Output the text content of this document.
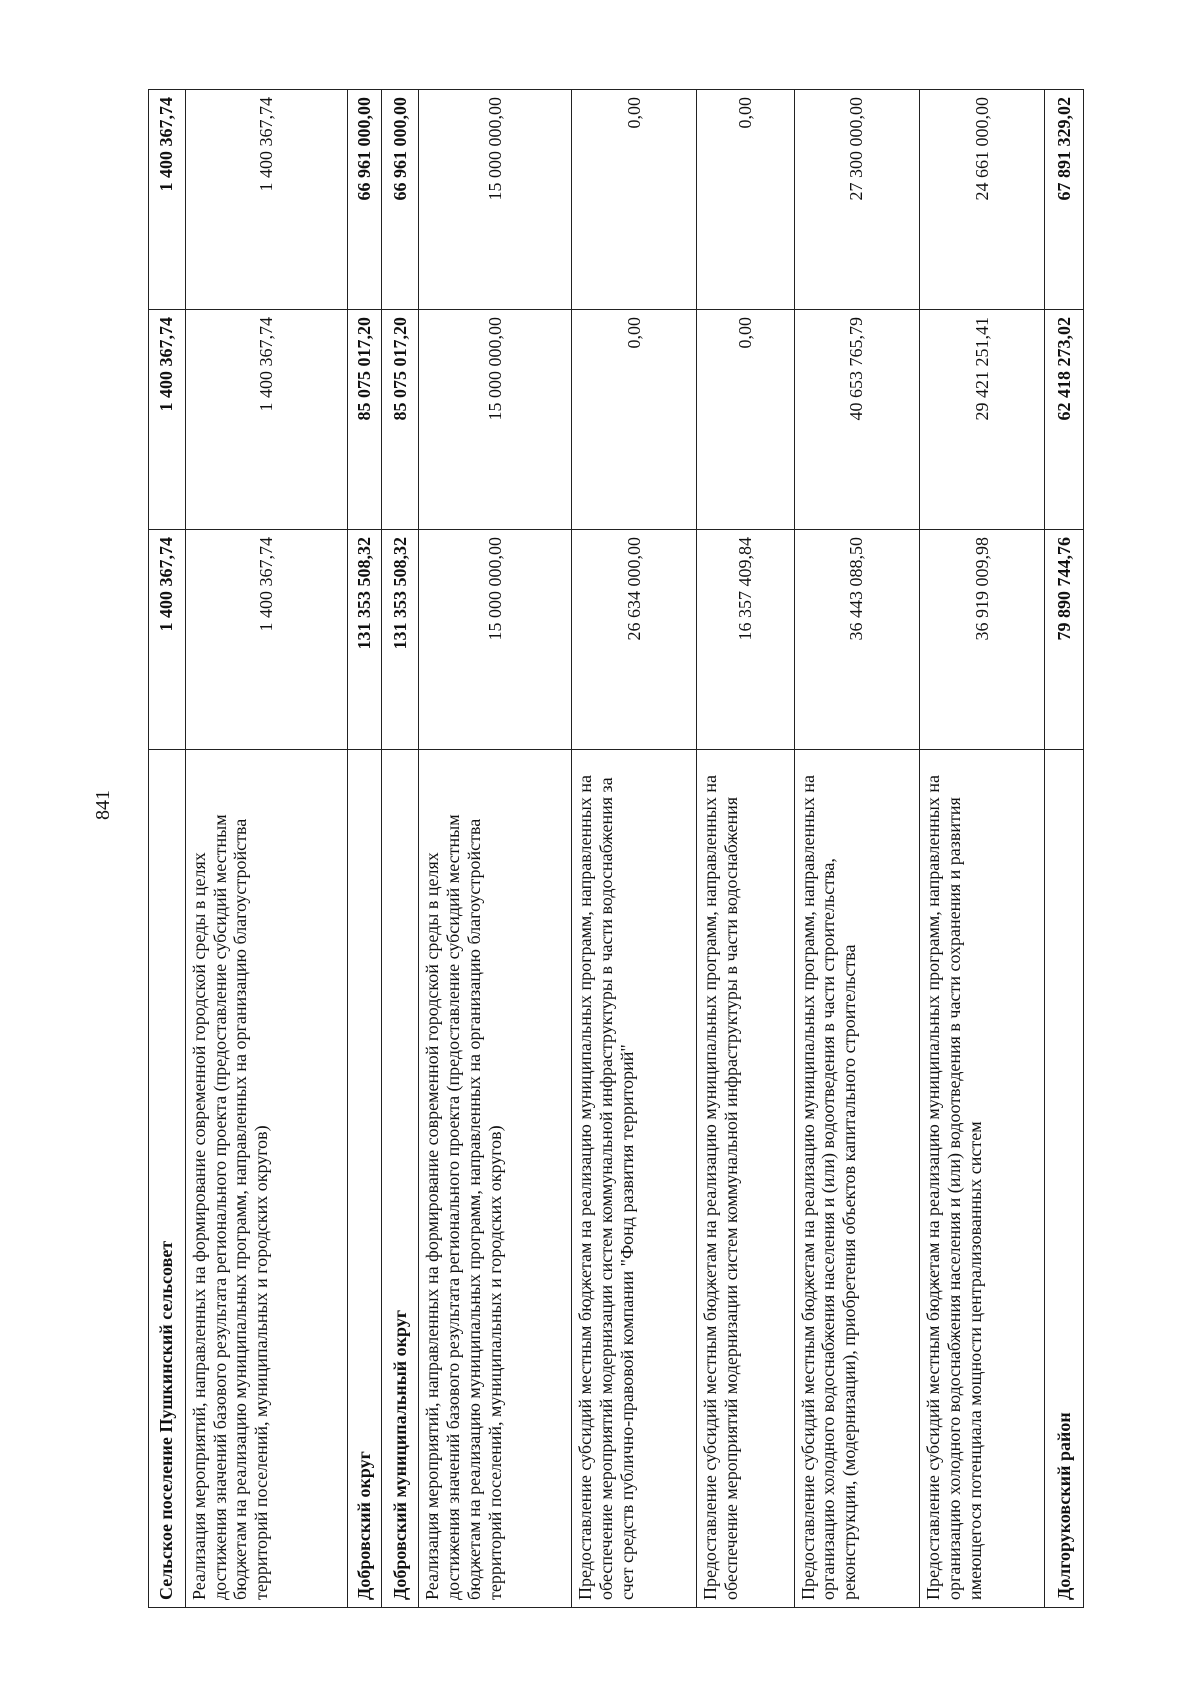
841
Сельское поселение Пушкинский сельсовет	1 400 367,74	1 400 367,74	1 400 367,74
Реализация мероприятий, направленных на формирование современной городской среды в целях достижения значений базового результата регионального проекта (предоставление субсидий местным бюджетам на реализацию муниципальных программ, направленных на организацию благоустройства территорий поселений, муниципальных и городских округов)	1 400 367,74	1 400 367,74	1 400 367,74
Добровский округ	131 353 508,32	85 075 017,20	66 961 000,00
Добровский муниципальный округ	131 353 508,32	85 075 017,20	66 961 000,00
Реализация мероприятий, направленных на формирование современной городской среды в целях достижения значений базового результата регионального проекта (предоставление субсидий местным бюджетам на реализацию муниципальных программ, направленных на организацию благоустройства территорий поселений, муниципальных и городских округов)	15 000 000,00	15 000 000,00	15 000 000,00
Предоставление субсидий местным бюджетам на реализацию муниципальных программ, направленных на обеспечение мероприятий модернизации систем коммунальной инфраструктуры в части водоснабжения за счет средств публично-правовой компании "Фонд развития территорий"	26 634 000,00	0,00	0,00
Предоставление субсидий местным бюджетам на реализацию муниципальных программ, направленных на обеспечение мероприятий модернизации систем коммунальной инфраструктуры в части водоснабжения	16 357 409,84	0,00	0,00
Предоставление субсидий местным бюджетам на реализацию муниципальных программ, направленных на организацию холодного водоснабжения населения и (или) водоотведения в части строительства, реконструкции, (модернизации), приобретения объектов капитального строительства	36 443 088,50	40 653 765,79	27 300 000,00
Предоставление субсидий местным бюджетам на реализацию муниципальных программ, направленных на организацию холодного водоснабжения населения и (или) водоотведения в части сохранения и развития имеющегося потенциала мощности централизованных систем	36 919 009,98	29 421 251,41	24 661 000,00
Долгоруковский район	79 890 744,76	62 418 273,02	67 891 329,02
